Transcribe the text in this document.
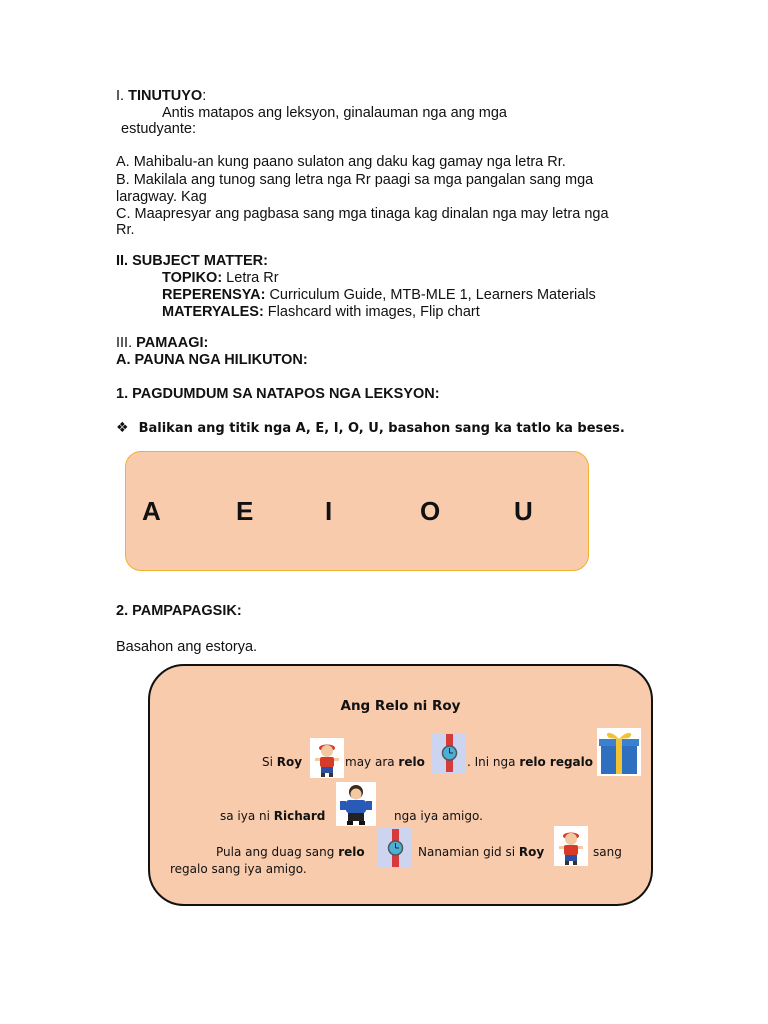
I. TINUTUYO:
Antis matapos ang leksyon, ginalauman nga ang mga
estudyante:
A. Mahibalu-an kung paano sulaton ang daku kag gamay nga letra Rr.
B. Makilala ang tunog sang letra nga Rr paagi sa mga pangalan sang mga
laragway. Kag
C. Maapresyar ang pagbasa sang mga tinaga kag dinalan nga may letra nga
Rr.
II. SUBJECT MATTER:
TOPIKO: Letra Rr
REPERENSYA: Curriculum Guide, MTB-MLE 1, Learners Materials
MATERYALES: Flashcard with images, Flip chart
III. PAMAAGI:
A. PAUNA NGA HILIKUTON:
1. PAGDUMDUM SA NATAPOS NGA LEKSYON:
❖ Balikan ang titik nga A, E, I, O, U, basahon sang ka tatlo ka beses.
A	E	I	O	U
2. PAMPAPAGSIK:
Basahon ang estorya.
Ang Relo ni Roy
Si Roy	may ara relo	. Ini nga relo regalo
sa iya ni Richard	nga iya amigo.
Pula ang duag sang relo	Nanamian gid si Roy	sang
regalo sang iya amigo.
